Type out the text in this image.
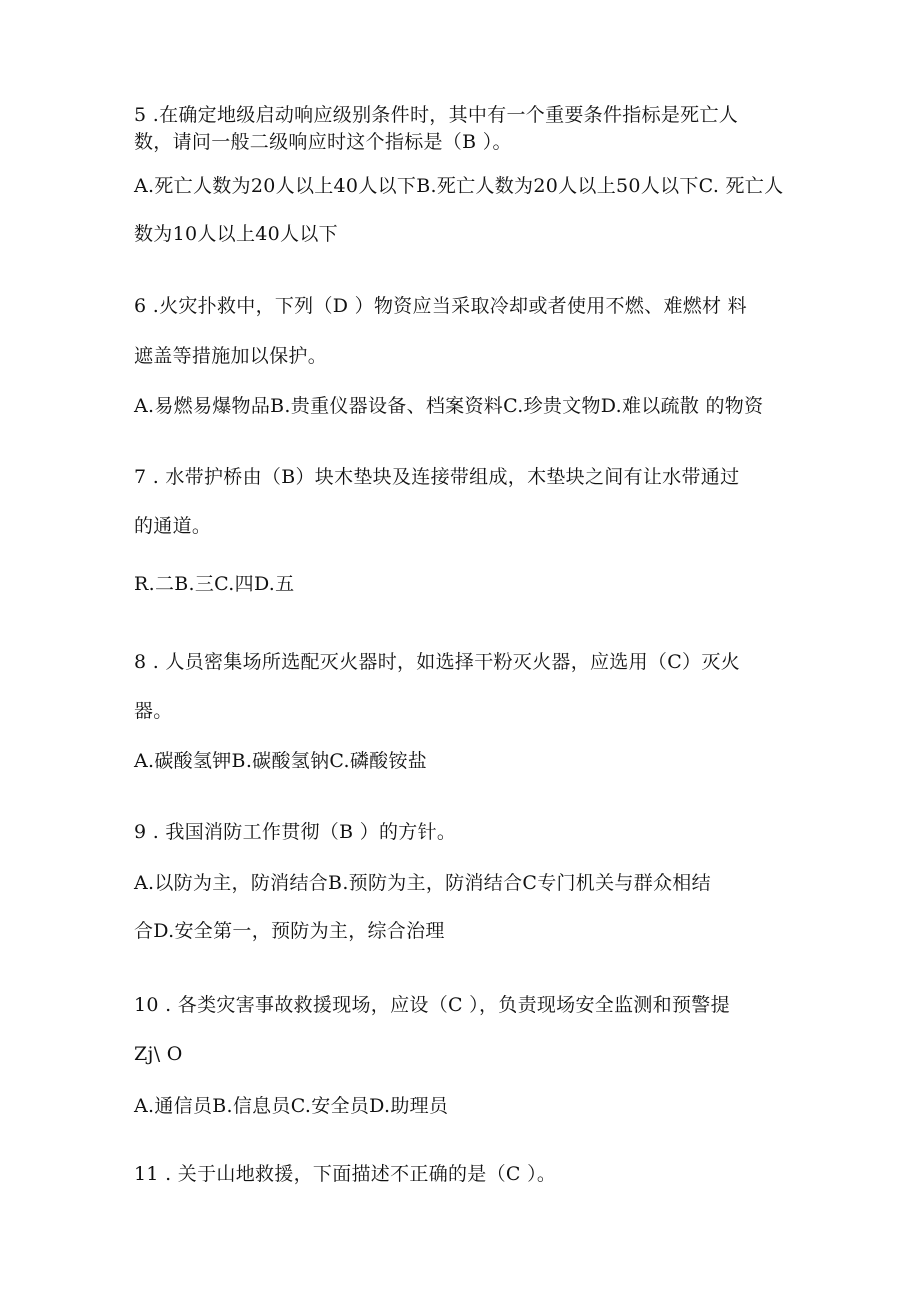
5 .在确定地级启动响应级别条件时，其中有一个重要条件指标是死亡人
数，请问一般二级响应时这个指标是（B ）。
A.死亡人数为20人以上40人以下B.死亡人数为20人以上50人以下C. 死亡人
数为10人以上40人以下
6 .火灾扑救中，下列（D ）物资应当采取冷却或者使用不燃、难燃材 料
遮盖等措施加以保护。
A.易燃易爆物品B.贵重仪器设备、档案资料C.珍贵文物D.难以疏散 的物资
7 . 水带护桥由（B）块木垫块及连接带组成，木垫块之间有让水带通过
的通道。
R.二B.三C.四D.五
8 . 人员密集场所选配灭火器时，如选择干粉灭火器，应选用（C）灭火
器。
A.碳酸氢钾B.碳酸氢钠C.磷酸铵盐
9 . 我国消防工作贯彻（B ）的方针。
A.以防为主，防消结合B.预防为主，防消结合C专门机关与群众相结
合D.安全第一，预防为主，综合治理
10 . 各类灾害事故救援现场，应设（C ），负责现场安全监测和预警提
Zj\ O
A.通信员B.信息员C.安全员D.助理员
11 . 关于山地救援，下面描述不正确的是（C ）。
